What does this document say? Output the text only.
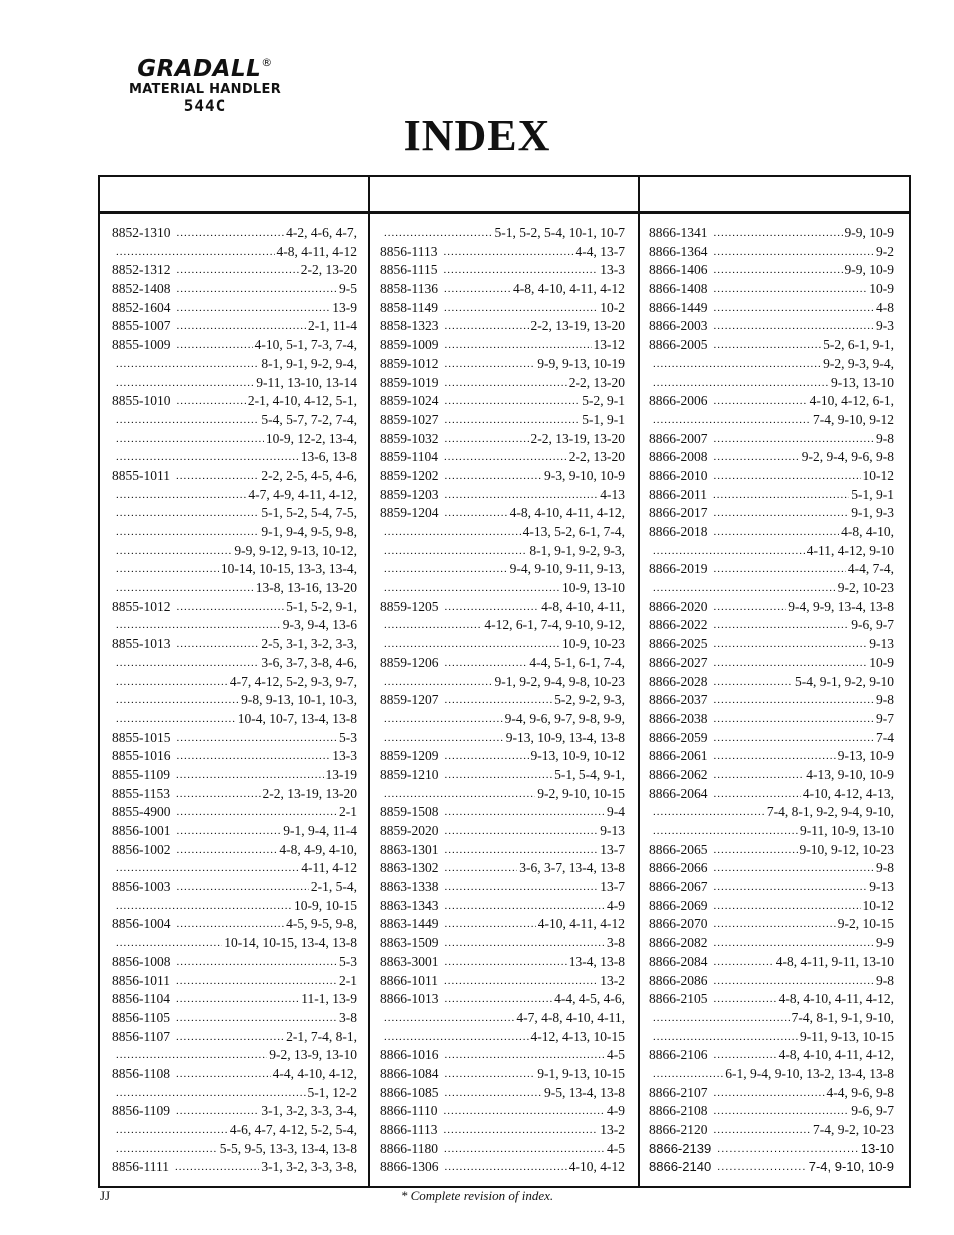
GRADALL®
MATERIAL HANDLER
544C
INDEX
8852-1310 .....	4-2, 4-6, 4-7,
.....
4-8, 4-11, 4-12
8852-1312 .....	2-2, 13-20
8852-1408 .....	9-5
8852-1604 .....	13-9
8855-1007 .....	2-1, 11-4
8855-1009 .....	4-10, 5-1, 7-3, 7-4,
.....
8-1, 9-1, 9-2, 9-4,
.....
9-11, 13-10, 13-14
8855-1010 .....	2-1, 4-10, 4-12, 5-1,
.....
5-4, 5-7, 7-2, 7-4,
.....
10-9, 12-2, 13-4,
.....
13-6, 13-8
8855-1011 .....	2-2, 2-5, 4-5, 4-6,
.....
4-7, 4-9, 4-11, 4-12,
.....
5-1, 5-2, 5-4, 7-5,
.....
9-1, 9-4, 9-5, 9-8,
.....
9-9, 9-12, 9-13, 10-12,
.....
10-14, 10-15, 13-3, 13-4,
.....
13-8, 13-16, 13-20
8855-1012 .....	5-1, 5-2, 9-1,
.....
9-3, 9-4, 13-6
8855-1013 .....	2-5, 3-1, 3-2, 3-3,
.....
3-6, 3-7, 3-8, 4-6,
.....
4-7, 4-12, 5-2, 9-3, 9-7,
.....
9-8, 9-13, 10-1, 10-3,
.....
10-4, 10-7, 13-4, 13-8
8855-1015 .....	5-3
8855-1016 .....	13-3
8855-1109 .....	13-19
8855-1153 .....	2-2, 13-19, 13-20
8855-4900 .....	2-1
8856-1001 .....	9-1, 9-4, 11-4
8856-1002 .....	4-8, 4-9, 4-10,
.....
4-11, 4-12
8856-1003 .....	2-1, 5-4,
.....
10-9, 10-15
8856-1004 .....	4-5, 9-5, 9-8,
.....
10-14, 10-15, 13-4, 13-8
8856-1008 .....	5-3
8856-1011 .....	2-1
8856-1104 .....	11-1, 13-9
8856-1105 .....	3-8
8856-1107 .....	2-1, 7-4, 8-1,
.....
9-2, 13-9, 13-10
8856-1108 .....	4-4, 4-10, 4-12,
.....
5-1, 12-2
8856-1109 .....	3-1, 3-2, 3-3, 3-4,
.....
4-6, 4-7, 4-12, 5-2, 5-4,
.....
5-5, 9-5, 13-3, 13-4, 13-8
8856-1111 .....	3-1, 3-2, 3-3, 3-8,
.....
5-1, 5-2, 5-4, 10-1, 10-7
8856-1113 .....	4-4, 13-7
8856-1115 .....	13-3
8858-1136 .....	4-8, 4-10, 4-11, 4-12
8858-1149 .....	10-2
8858-1323 .....	2-2, 13-19, 13-20
8859-1009 .....	13-12
8859-1012 .....	9-9, 9-13, 10-19
8859-1019 .....	2-2, 13-20
8859-1024 .....	5-2, 9-1
8859-1027 .....	5-1, 9-1
8859-1032 .....	2-2, 13-19, 13-20
8859-1104 .....	2-2, 13-20
8859-1202 .....	9-3, 9-10, 10-9
8859-1203 .....	4-13
8859-1204 .....	4-8, 4-10, 4-11, 4-12,
.....
4-13, 5-2, 6-1, 7-4,
.....
8-1, 9-1, 9-2, 9-3,
.....
9-4, 9-10, 9-11, 9-13,
.....
10-9, 13-10
8859-1205 .....	4-8, 4-10, 4-11,
.....
4-12, 6-1, 7-4, 9-10, 9-12,
.....
10-9, 10-23
8859-1206 .....	4-4, 5-1, 6-1, 7-4,
.....
9-1, 9-2, 9-4, 9-8, 10-23
8859-1207 .....	5-2, 9-2, 9-3,
.....
9-4, 9-6, 9-7, 9-8, 9-9,
.....
9-13, 10-9, 13-4, 13-8
8859-1209 .....	9-13, 10-9, 10-12
8859-1210 .....	5-1, 5-4, 9-1,
.....
9-2, 9-10, 10-15
8859-1508 .....	9-4
8859-2020 .....	9-13
8863-1301 .....	13-7
8863-1302 .....	3-6, 3-7, 13-4, 13-8
8863-1338 .....	13-7
8863-1343 .....	4-9
8863-1449 .....	4-10, 4-11, 4-12
8863-1509 .....	3-8
8863-3001 .....	13-4, 13-8
8866-1011 .....	13-2
8866-1013 .....	4-4, 4-5, 4-6,
.....
4-7, 4-8, 4-10, 4-11,
.....
4-12, 4-13, 10-15
8866-1016 .....	4-5
8866-1084 .....	9-1, 9-13, 10-15
8866-1085 .....	9-5, 13-4, 13-8
8866-1110 .....	4-9
8866-1113 .....	13-2
8866-1180 .....	4-5
8866-1306 .....	4-10, 4-12
8866-1341 .....	9-9, 10-9
8866-1364 .....	9-2
8866-1406 .....	9-9, 10-9
8866-1408 .....	10-9
8866-1449 .....	4-8
8866-2003 .....	9-3
8866-2005 .....	5-2, 6-1, 9-1,
.....
9-2, 9-3, 9-4,
.....
9-13, 13-10
8866-2006 .....	4-10, 4-12, 6-1,
.....
7-4, 9-10, 9-12
8866-2007 .....	9-8
8866-2008 .....	9-2, 9-4, 9-6, 9-8
8866-2010 .....	10-12
8866-2011 .....	5-1, 9-1
8866-2017 .....	9-1, 9-3
8866-2018 .....	4-8, 4-10,
.....
4-11, 4-12, 9-10
8866-2019 .....	4-4, 7-4,
.....
9-2, 10-23
8866-2020 .....	9-4, 9-9, 13-4, 13-8
8866-2022 .....	9-6, 9-7
8866-2025 .....	9-13
8866-2027 .....	10-9
8866-2028 .....	5-4, 9-1, 9-2, 9-10
8866-2037 .....	9-8
8866-2038 .....	9-7
8866-2059 .....	7-4
8866-2061 .....	9-13, 10-9
8866-2062 .....	4-13, 9-10, 10-9
8866-2064 .....	4-10, 4-12, 4-13,
.....
7-4, 8-1, 9-2, 9-4, 9-10,
.....
9-11, 10-9, 13-10
8866-2065 .....	9-10, 9-12, 10-23
8866-2066 .....	9-8
8866-2067 .....	9-13
8866-2069 .....	10-12
8866-2070 .....	9-2, 10-15
8866-2082 .....	9-9
8866-2084 .....	4-8, 4-11, 9-11, 13-10
8866-2086 .....	9-8
8866-2105 .....	4-8, 4-10, 4-11, 4-12,
.....
7-4, 8-1, 9-1, 9-10,
.....
9-11, 9-13, 10-15
8866-2106 .....	4-8, 4-10, 4-11, 4-12,
.....
6-1, 9-4, 9-10, 13-2, 13-4, 13-8
8866-2107 .....	4-4, 9-6, 9-8
8866-2108 .....	9-6, 9-7
8866-2120 .....	7-4, 9-2, 10-23
8866-2139 .....	13-10
8866-2140 .....	7-4, 9-10, 10-9
JJ	* Complete revision of index.
